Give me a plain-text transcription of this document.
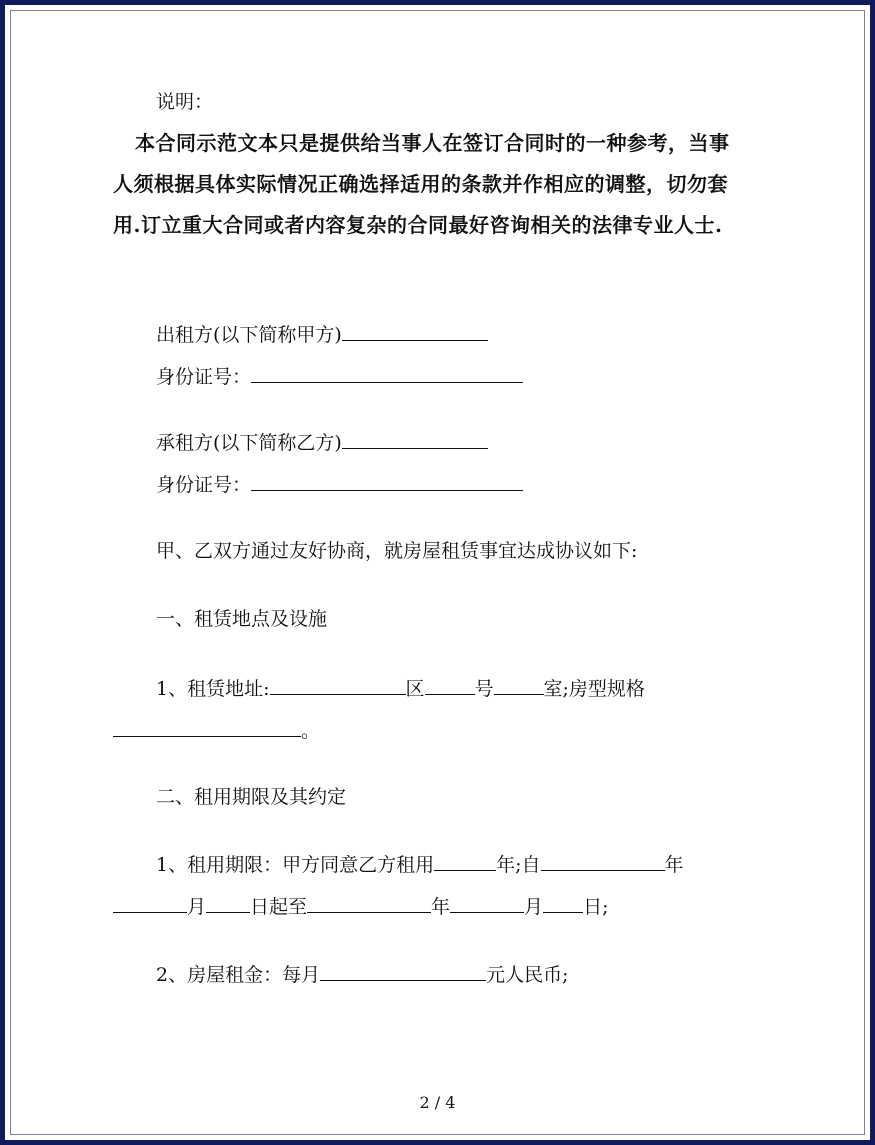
说明：
本合同示范文本只是提供给当事人在签订合同时的一种参考，当事
人须根据具体实际情况正确选择适用的条款并作相应的调整，切勿套
用.订立重大合同或者内容复杂的合同最好咨询相关的法律专业人士.
出租方(以下简称甲方)
身份证号：
承租方(以下简称乙方)
身份证号：
甲、乙双方通过友好协商，就房屋租赁事宜达成协议如下:
一、租赁地点及设施
1、租赁地址:	区	号	室;房型规格
。
二、租用期限及其约定
1、租用期限：甲方同意乙方租用	年;自	年
月 日起至	年	月 日;
2、房屋租金：每月	元人民币;
2 / 4
